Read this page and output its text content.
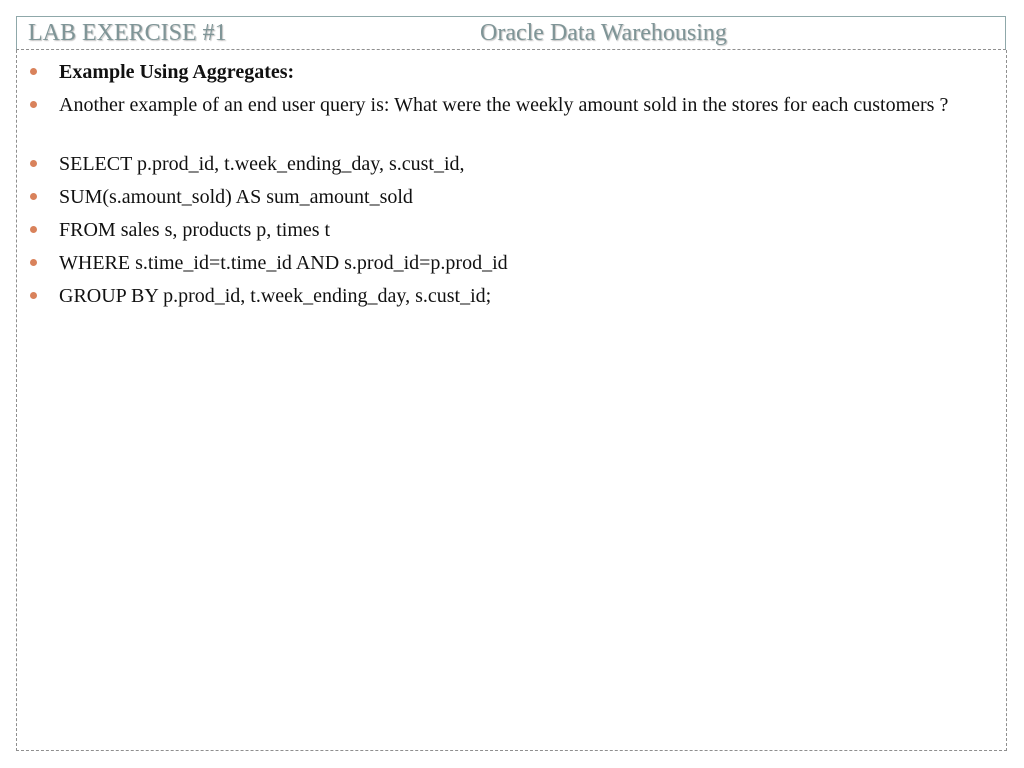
LAB EXERCISE #1	Oracle Data Warehousing
Example Using Aggregates:
Another example of an end user query is: What were the weekly amount sold in the stores for each customers ?
SELECT p.prod_id, t.week_ending_day, s.cust_id,
SUM(s.amount_sold) AS sum_amount_sold
FROM sales s, products p, times t
WHERE s.time_id=t.time_id AND s.prod_id=p.prod_id
GROUP BY p.prod_id, t.week_ending_day, s.cust_id;
